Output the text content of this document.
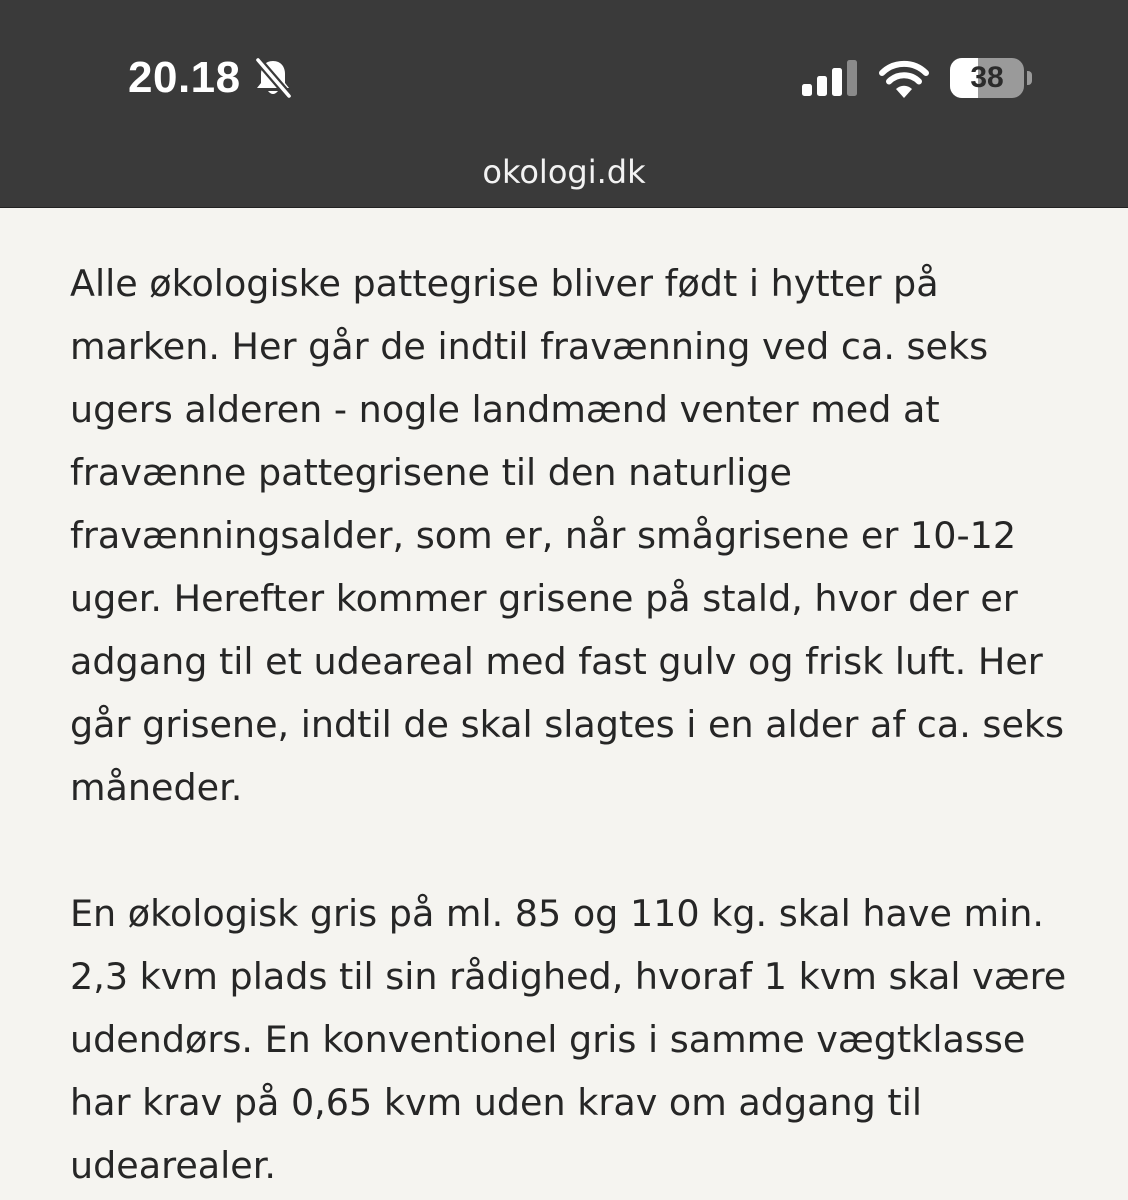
20.18	38
okologi.dk

Alle økologiske pattegrise bliver født i hytter på marken. Her går de indtil fravænning ved ca. seks ugers alderen - nogle landmænd venter med at fravænne pattegrisene til den naturlige fravænningsalder, som er, når smågrisene er 10-12 uger. Herefter kommer grisene på stald, hvor der er adgang til et udeareal med fast gulv og frisk luft. Her går grisene, indtil de skal slagtes i en alder af ca. seks måneder.

En økologisk gris på ml. 85 og 110 kg. skal have min. 2,3 kvm plads til sin rådighed, hvoraf 1 kvm skal være udendørs. En konventionel gris i samme vægtklasse har krav på 0,65 kvm uden krav om adgang til udearealer.
